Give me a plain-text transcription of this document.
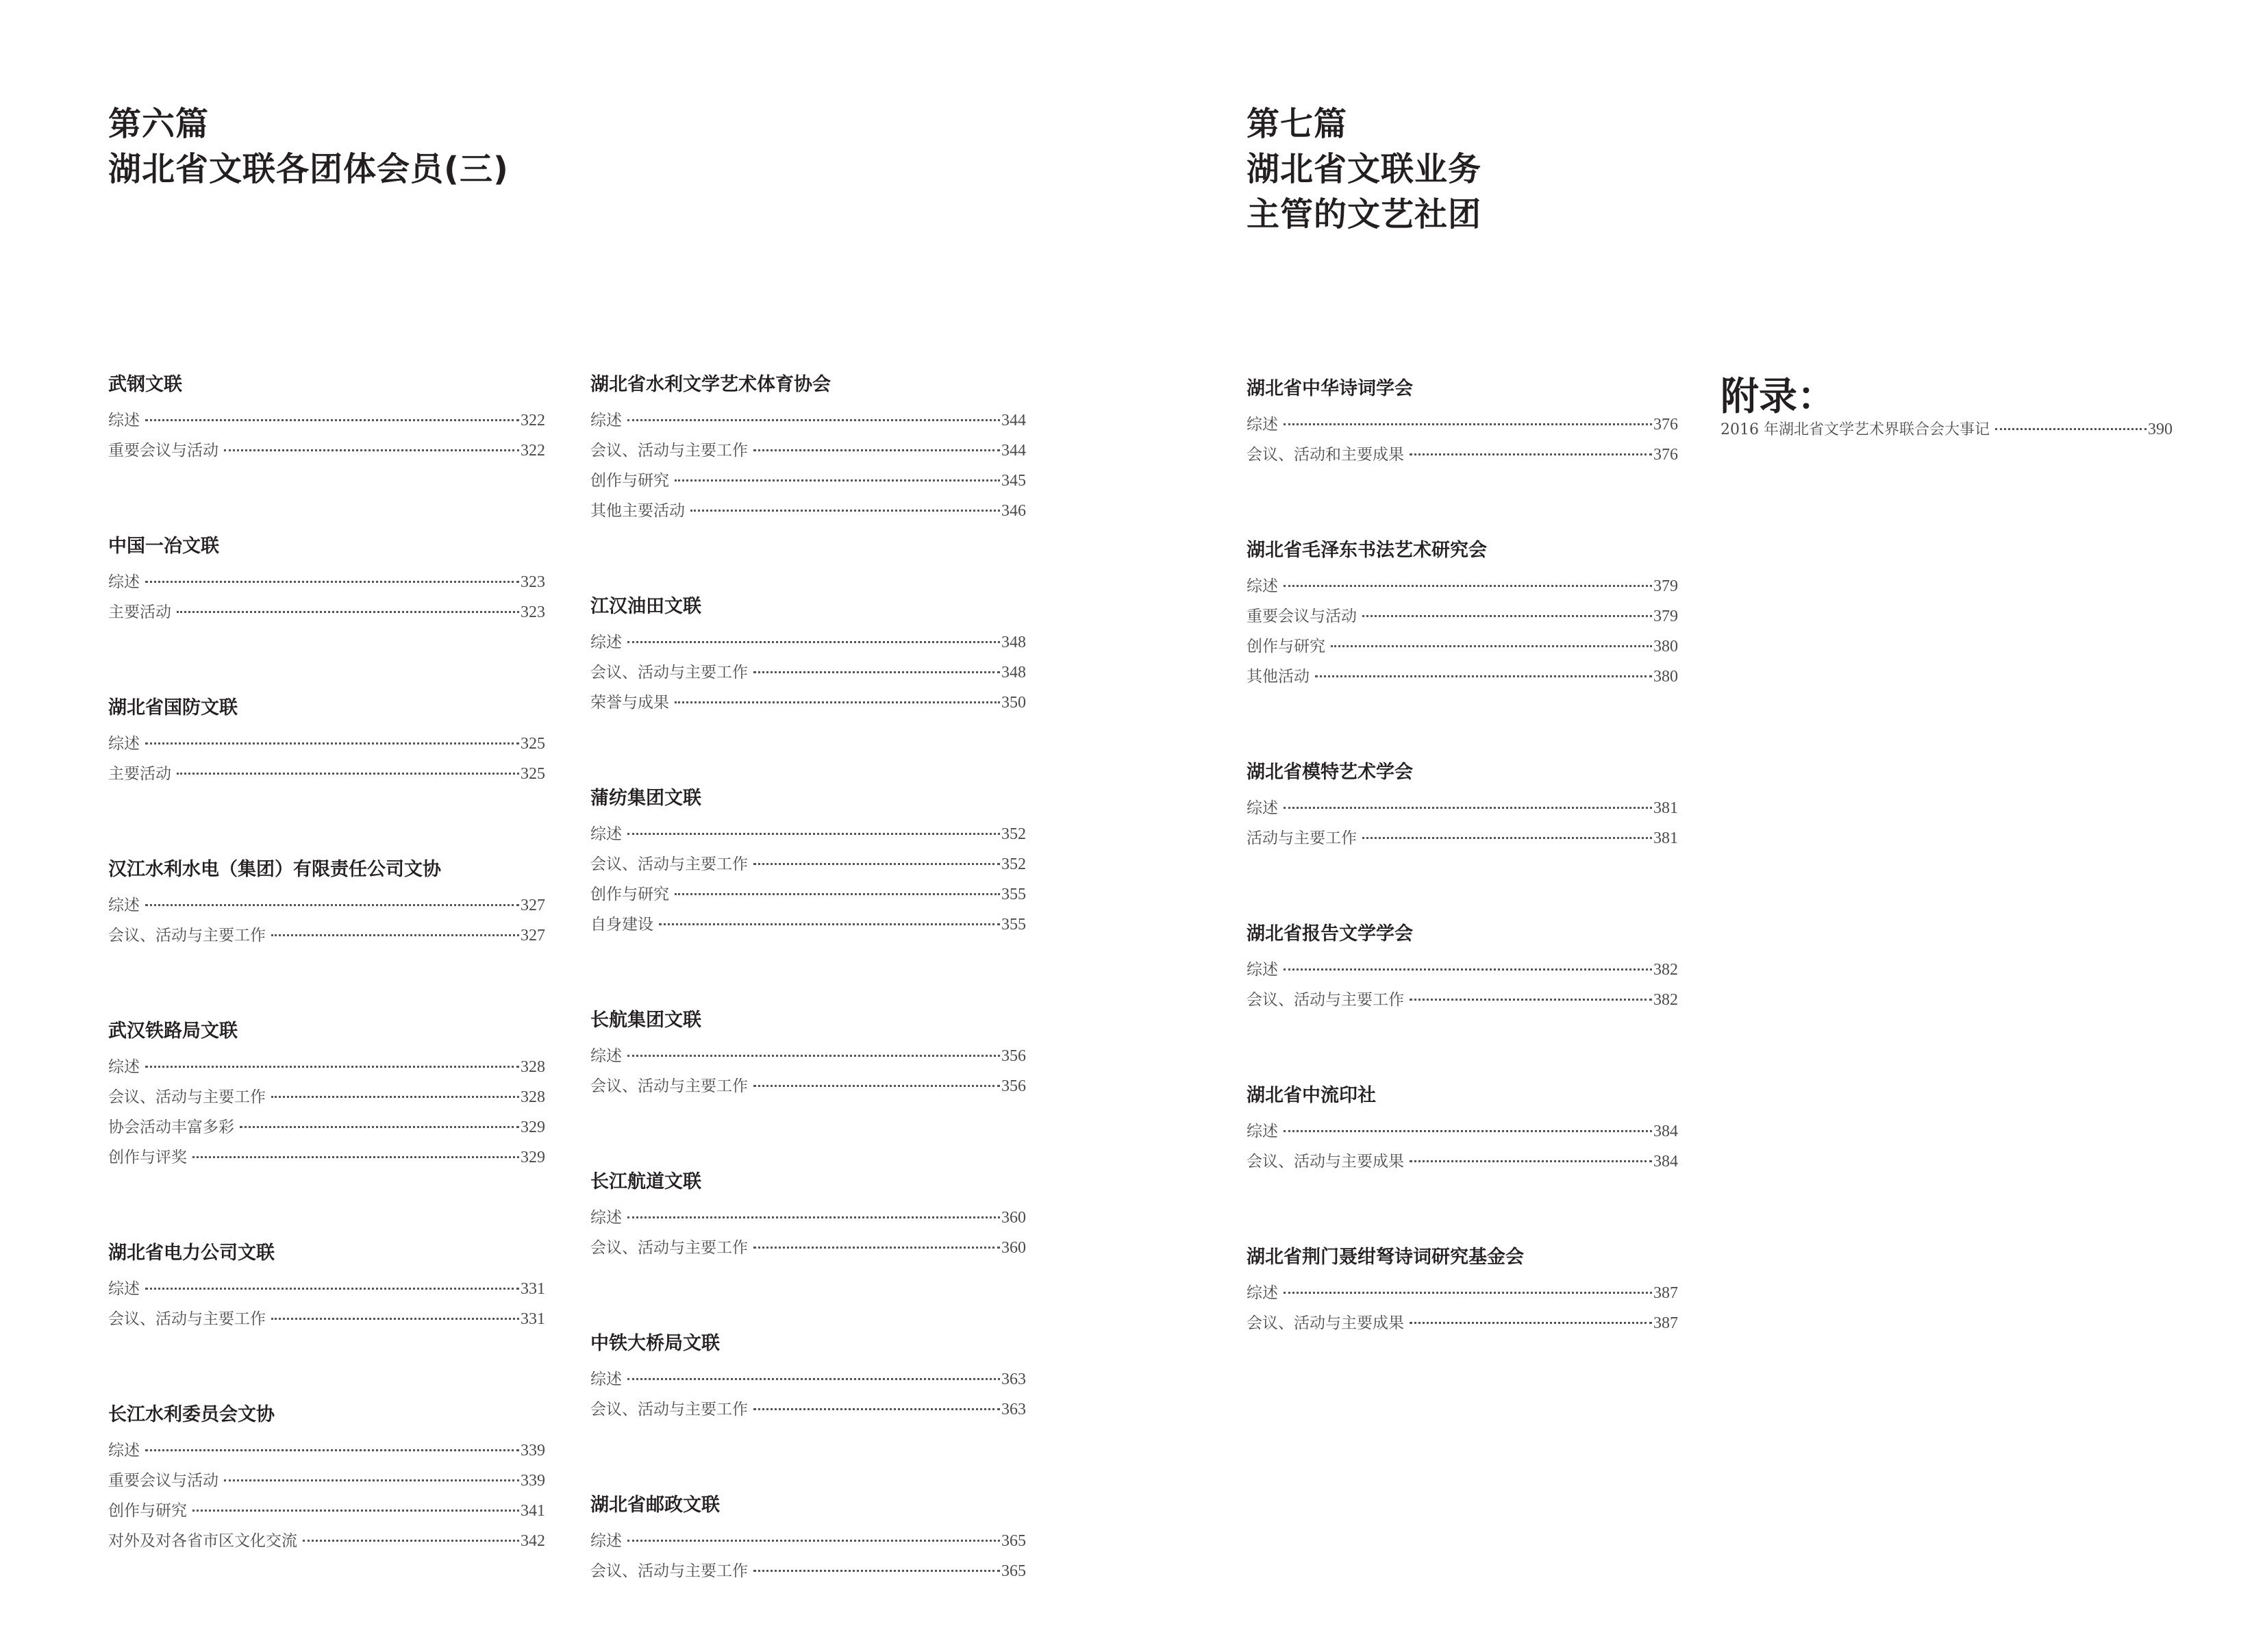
第六篇
湖北省文联各团体会员(三)
第七篇
湖北省文联业务
主管的文艺社团
武钢文联
综述	322
重要会议与活动	322
中国一冶文联
综述	323
主要活动	323
湖北省国防文联
综述	325
主要活动	325
汉江水利水电（集团）有限责任公司文协
综述	327
会议、活动与主要工作	327
武汉铁路局文联
综述	328
会议、活动与主要工作	328
协会活动丰富多彩	329
创作与评奖	329
湖北省电力公司文联
综述	331
会议、活动与主要工作	331
长江水利委员会文协
综述	339
重要会议与活动	339
创作与研究	341
对外及对各省市区文化交流	342
湖北省水利文学艺术体育协会
综述	344
会议、活动与主要工作	344
创作与研究	345
其他主要活动	346
江汉油田文联
综述	348
会议、活动与主要工作	348
荣誉与成果	350
蒲纺集团文联
综述	352
会议、活动与主要工作	352
创作与研究	355
自身建设	355
长航集团文联
综述	356
会议、活动与主要工作	356
长江航道文联
综述	360
会议、活动与主要工作	360
中铁大桥局文联
综述	363
会议、活动与主要工作	363
湖北省邮政文联
综述	365
会议、活动与主要工作	365
湖北省中华诗词学会
综述	376
会议、活动和主要成果	376
湖北省毛泽东书法艺术研究会
综述	379
重要会议与活动	379
创作与研究	380
其他活动	380
湖北省模特艺术学会
综述	381
活动与主要工作	381
湖北省报告文学学会
综述	382
会议、活动与主要工作	382
湖北省中流印社
综述	384
会议、活动与主要成果	384
湖北省荆门聂绀弩诗词研究基金会
综述	387
会议、活动与主要成果	387
附录：
2016 年湖北省文学艺术界联合会大事记	390
